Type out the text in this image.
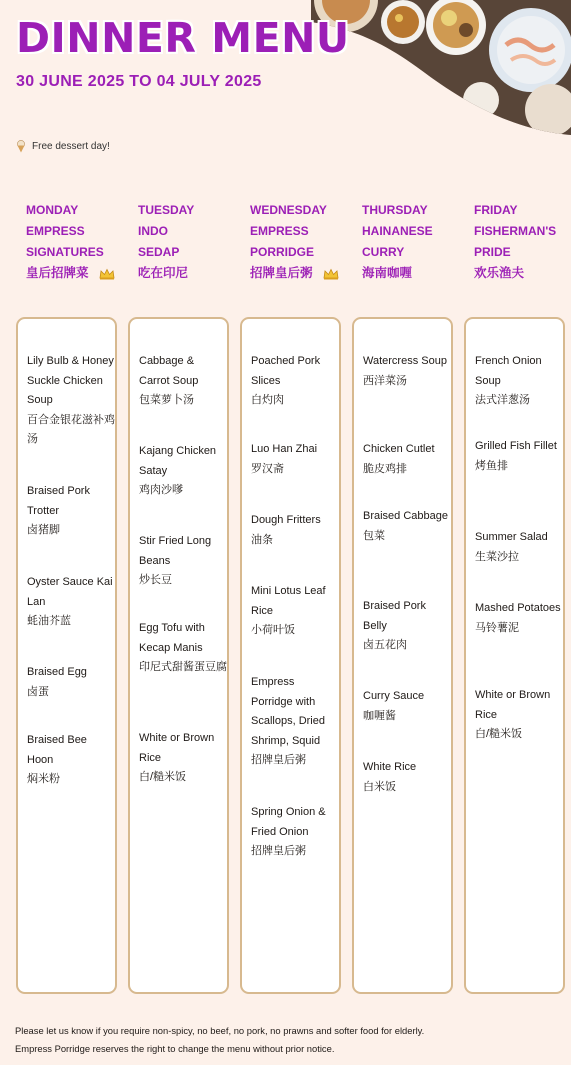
DINNER MENU
30 JUNE 2025 TO 04 JULY 2025
Free dessert day!
MONDAY
EMPRESS
SIGNATURES
皇后招牌菜
TUESDAY
INDO
SEDAP
吃在印尼
WEDNESDAY
EMPRESS
PORRIDGE
招牌皇后粥
THURSDAY
HAINANESE
CURRY
海南咖喱
FRIDAY
FISHERMAN'S
PRIDE
欢乐渔夫
Lily Bulb & Honey Suckle Chicken Soup
百合金银花滋补鸡汤
Braised Pork Trotter
卤猪脚
Oyster Sauce Kai Lan
蚝油芥蓝
Braised Egg
卤蛋
Braised Bee Hoon
焖米粉
Cabbage & Carrot Soup
包菜萝卜汤
Kajang Chicken Satay
鸡肉沙嗲
Stir Fried Long Beans
炒长豆
Egg Tofu with Kecap Manis
印尼式甜酱蛋豆腐
White or Brown Rice
白/糙米饭
Poached Pork Slices
白灼肉
Luo Han Zhai
罗汉斋
Dough Fritters
油条
Mini Lotus Leaf Rice
小荷叶饭
Empress Porridge with Scallops, Dried Shrimp, Squid
招牌皇后粥
Spring Onion & Fried Onion
招牌皇后粥
Watercress Soup
西洋菜汤
Chicken Cutlet
脆皮鸡排
Braised Cabbage
包菜
Braised Pork Belly
卤五花肉
Curry Sauce
咖喱酱
White Rice
白米饭
French Onion Soup
法式洋葱汤
Grilled Fish Fillet
烤鱼排
Summer Salad
生菜沙拉
Mashed Potatoes
马铃薯泥
White or Brown Rice
白/糙米饭
Please let us know if you require non-spicy, no beef, no pork, no prawns and softer food for elderly.
Empress Porridge reserves the right to change the menu without prior notice.
